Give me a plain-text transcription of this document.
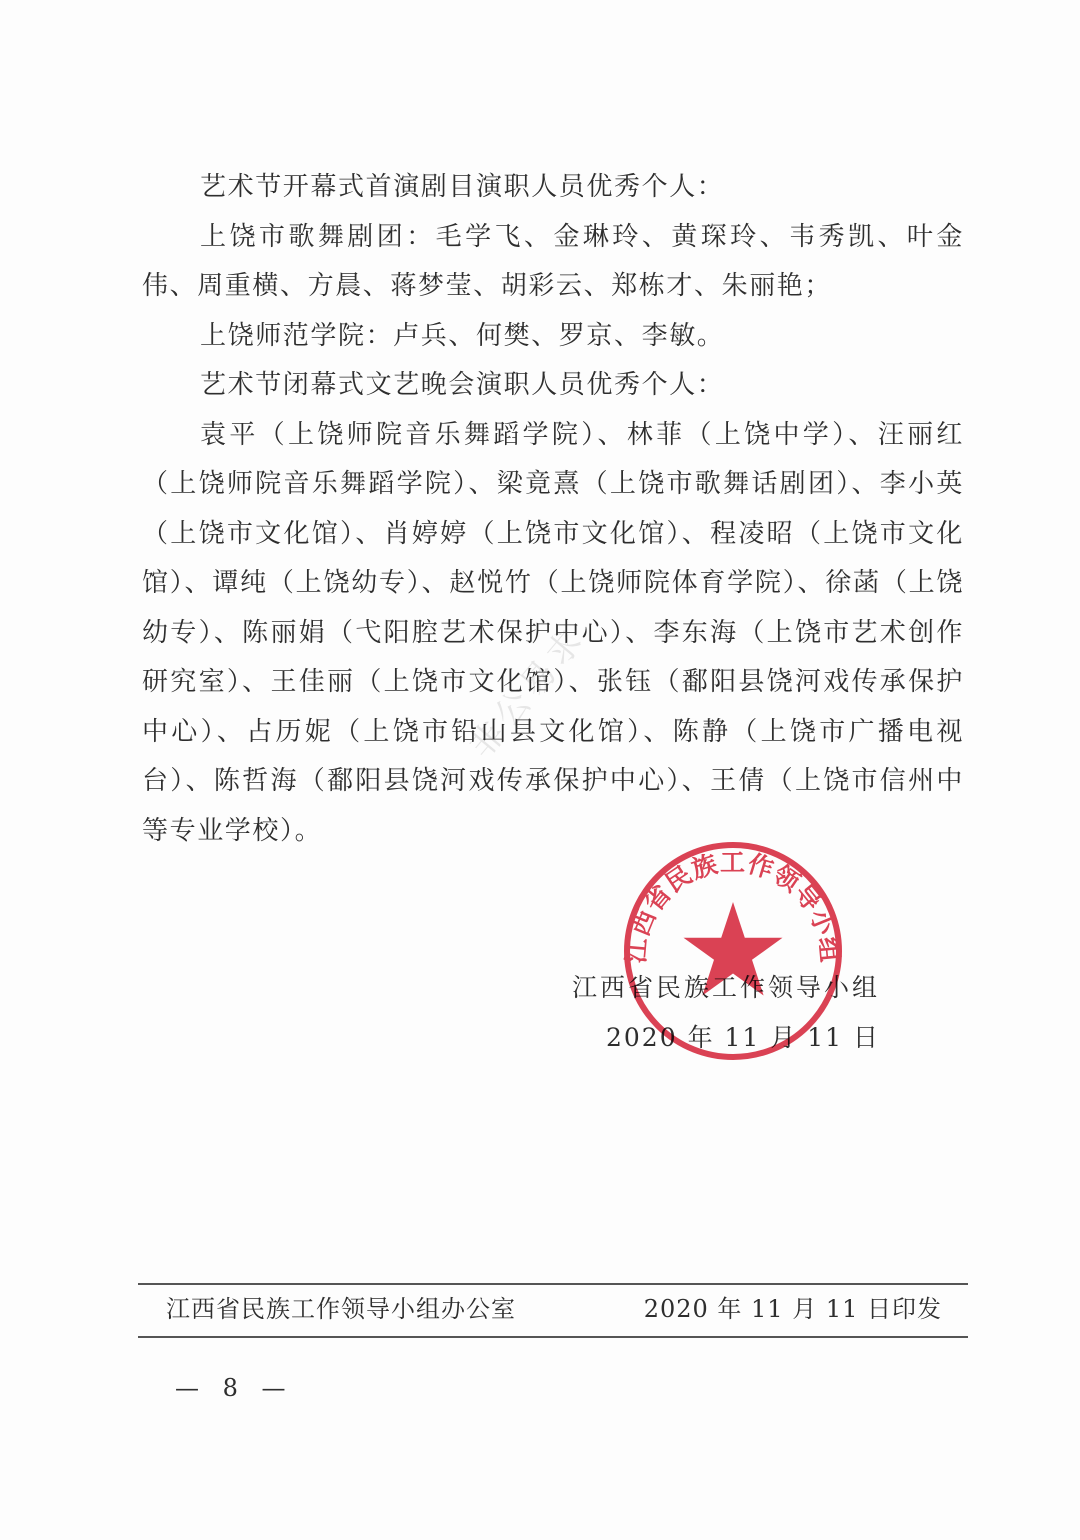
非公易求

艺术节开幕式首演剧目演职人员优秀个人：

上饶市歌舞剧团：毛学飞、金琳玲、黄琛玲、韦秀凯、叶金伟、周重横、方晨、蒋梦莹、胡彩云、郑栋才、朱丽艳；

上饶师范学院：卢兵、何樊、罗京、李敏。

艺术节闭幕式文艺晚会演职人员优秀个人：

袁平（上饶师院音乐舞蹈学院）、林菲（上饶中学）、汪丽红（上饶师院音乐舞蹈学院）、梁竟熹（上饶市歌舞话剧团）、李小英（上饶市文化馆）、肖婷婷（上饶市文化馆）、程凌昭（上饶市文化馆）、谭纯（上饶幼专）、赵悦竹（上饶师院体育学院）、徐菡（上饶幼专）、陈丽娟（弋阳腔艺术保护中心）、李东海（上饶市艺术创作研究室）、王佳丽（上饶市文化馆）、张钰（鄱阳县饶河戏传承保护中心）、占历妮（上饶市铅山县文化馆）、陈静（上饶市广播电视台）、陈哲海（鄱阳县饶河戏传承保护中心）、王倩（上饶市信州中等专业学校）。

江西省民族工作领导小组
2020 年 11 月 11 日
江西省民族工作领导小组
江西省民族工作领导小组办公室	2020 年 11 月 11 日印发
— 8 —
